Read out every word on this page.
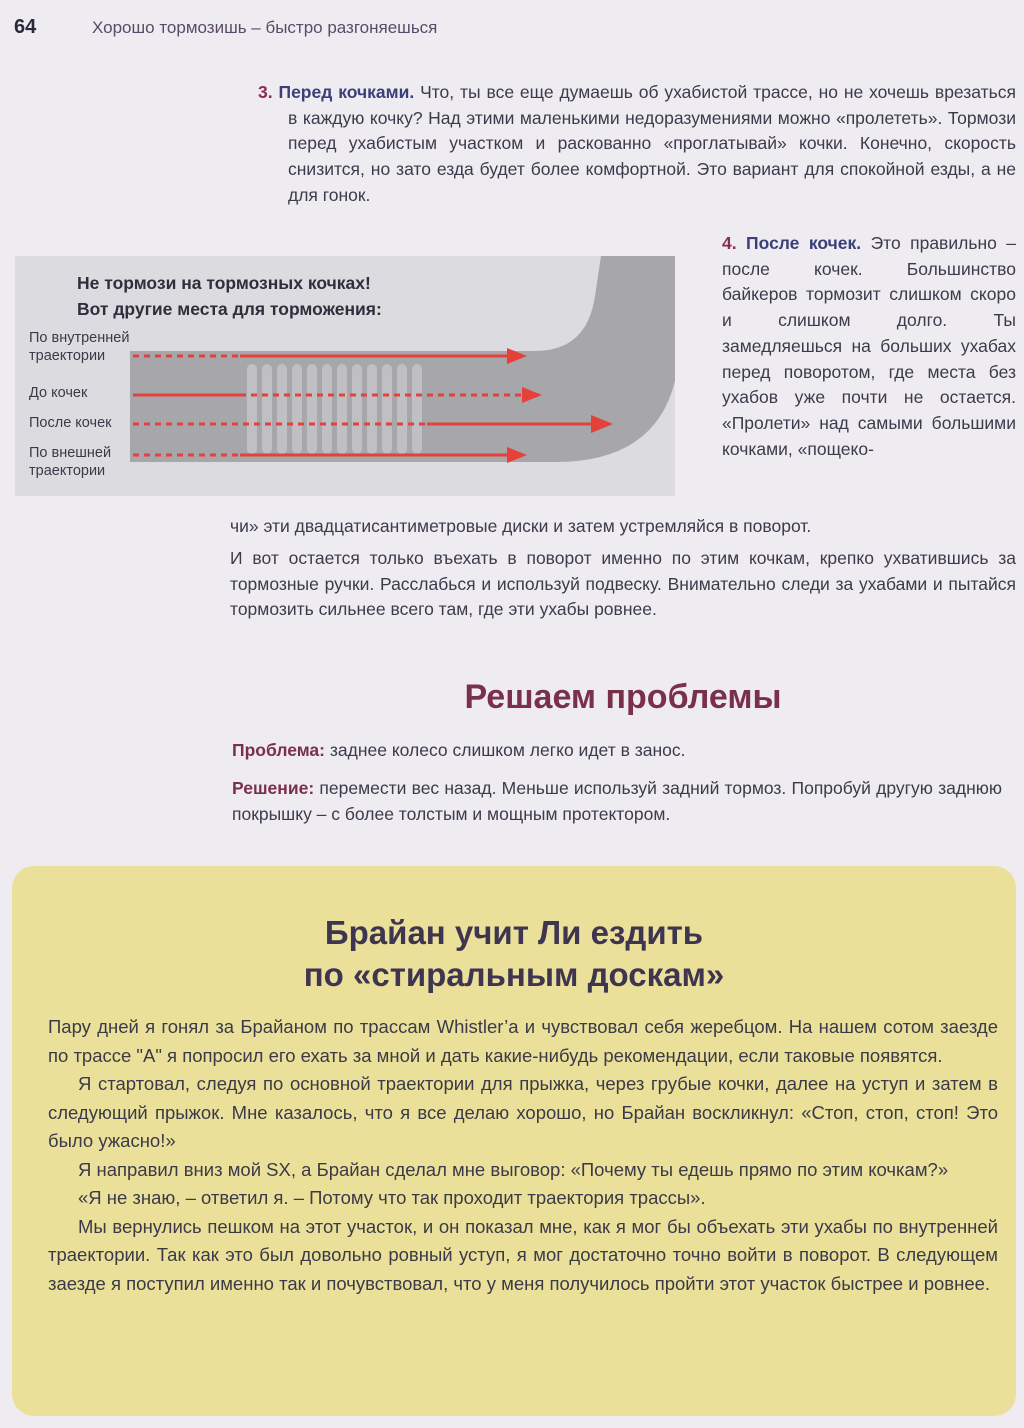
64	Хорошо тормозишь – быстро разгоняешься
3. Перед кочками. Что, ты все еще думаешь об ухабистой трассе, но не хочешь врезаться в каждую кочку? Над этими маленькими недоразумениями можно «пролететь». Тормози перед ухабистым участком и раскованно «проглатывай» кочки. Конечно, скорость снизится, но зато езда будет более комфортной. Это вариант для спокойной езды, а не для гонок.
Не тормози на тормозных кочках!
Вот другие места для торможения:
По внутренней траектории
До кочек
После кочек
По внешней траектории
4. После кочек. Это правильно – после кочек. Большинство байкеров тормозит слишком скоро и слишком долго. Ты замедляешься на больших ухабах перед поворотом, где места без ухабов уже почти не остается. «Пролети» над самыми большими кочками, «пощеко-
чи» эти двадцатисантиметровые диски и затем устремляйся в поворот.
И вот остается только въехать в поворот именно по этим кочкам, крепко ухватившись за тормозные ручки. Расслабься и используй подвеску. Внимательно следи за ухабами и пытайся тормозить сильнее всего там, где эти ухабы ровнее.
Решаем проблемы
Проблема: заднее колесо слишком легко идет в занос.
Решение: перемести вес назад. Меньше используй задний тормоз. Попробуй другую заднюю покрышку – с более толстым и мощным протектором.
Брайан учит Ли ездить
по «стиральным доскам»

Пару дней я гонял за Брайаном по трассам Whistler’a и чувствовал себя жеребцом. На нашем сотом заезде по трассе "А" я попросил его ехать за мной и дать какие-нибудь рекомендации, если таковые появятся.

Я стартовал, следуя по основной траектории для прыжка, через грубые кочки, далее на уступ и затем в следующий прыжок. Мне казалось, что я все делаю хорошо, но Брайан воскликнул: «Стоп, стоп, стоп! Это было ужасно!»

Я направил вниз мой SX, а Брайан сделал мне выговор: «Почему ты едешь прямо по этим кочкам?»

«Я не знаю, – ответил я. – Потому что так проходит траектория трассы».

Мы вернулись пешком на этот участок, и он показал мне, как я мог бы объехать эти ухабы по внутренней траектории. Так как это был довольно ровный уступ, я мог достаточно точно войти в поворот. В следующем заезде я поступил именно так и почувствовал, что у меня получилось пройти этот участок быстрее и ровнее.
